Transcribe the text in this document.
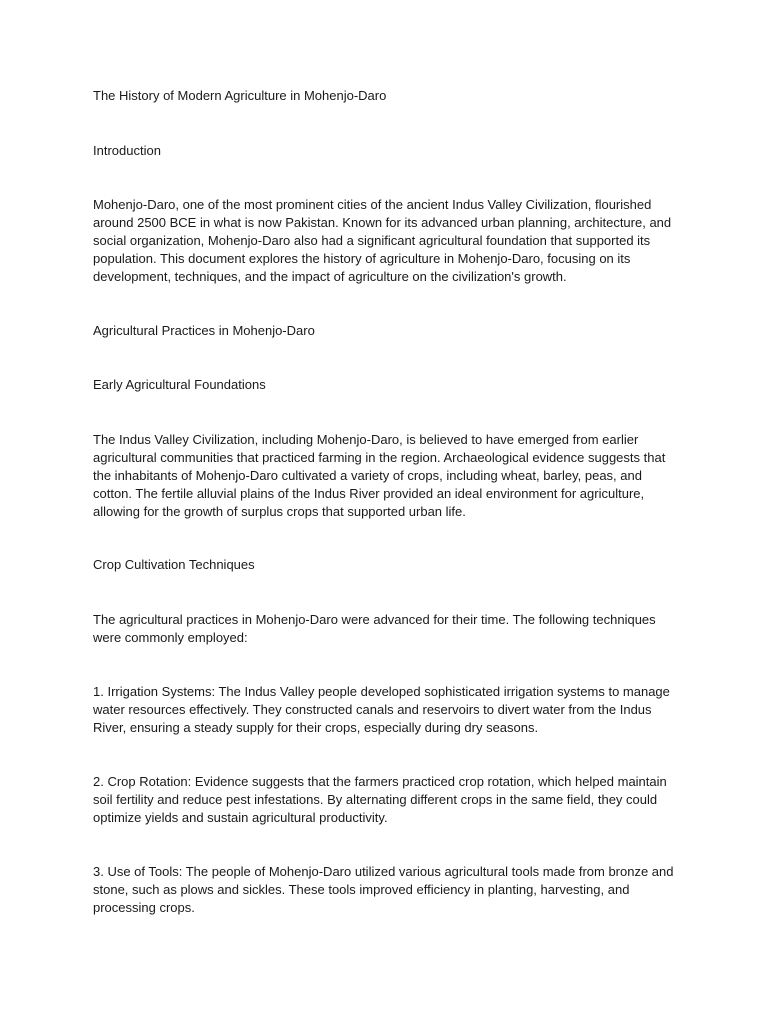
The History of Modern Agriculture in Mohenjo-Daro

Introduction

Mohenjo-Daro, one of the most prominent cities of the ancient Indus Valley Civilization, flourished around 2500 BCE in what is now Pakistan. Known for its advanced urban planning, architecture, and social organization, Mohenjo-Daro also had a significant agricultural foundation that supported its population. This document explores the history of agriculture in Mohenjo-Daro, focusing on its development, techniques, and the impact of agriculture on the civilization's growth.

Agricultural Practices in Mohenjo-Daro

Early Agricultural Foundations

The Indus Valley Civilization, including Mohenjo-Daro, is believed to have emerged from earlier agricultural communities that practiced farming in the region. Archaeological evidence suggests that the inhabitants of Mohenjo-Daro cultivated a variety of crops, including wheat, barley, peas, and cotton. The fertile alluvial plains of the Indus River provided an ideal environment for agriculture, allowing for the growth of surplus crops that supported urban life.

Crop Cultivation Techniques

The agricultural practices in Mohenjo-Daro were advanced for their time. The following techniques were commonly employed:

1. Irrigation Systems: The Indus Valley people developed sophisticated irrigation systems to manage water resources effectively. They constructed canals and reservoirs to divert water from the Indus River, ensuring a steady supply for their crops, especially during dry seasons.

2. Crop Rotation: Evidence suggests that the farmers practiced crop rotation, which helped maintain soil fertility and reduce pest infestations. By alternating different crops in the same field, they could optimize yields and sustain agricultural productivity.

3. Use of Tools: The people of Mohenjo-Daro utilized various agricultural tools made from bronze and stone, such as plows and sickles. These tools improved efficiency in planting, harvesting, and processing crops.
